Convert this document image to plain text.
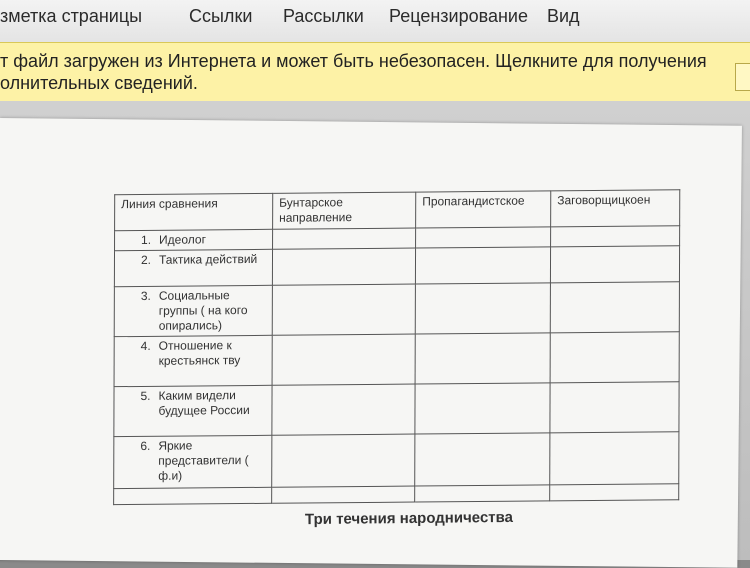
зметка страницы	Ссылки Рассылки Рецензирование Вид
т файл загружен из Интернета и может быть небезопасен. Щелкните для получения
олнительных сведений.
Линия сравнения	Бунтарское направление	Пропагандистское	Заговорщицкоен

1. Идеолог			

2. Тактика действий			

3. Социальные группы ( на кого опирались)			

4. Отношение к крестьянск тву			

5. Каким видели будущее России			

6. Яркие представители ( ф.и)			

Три течения народничества
